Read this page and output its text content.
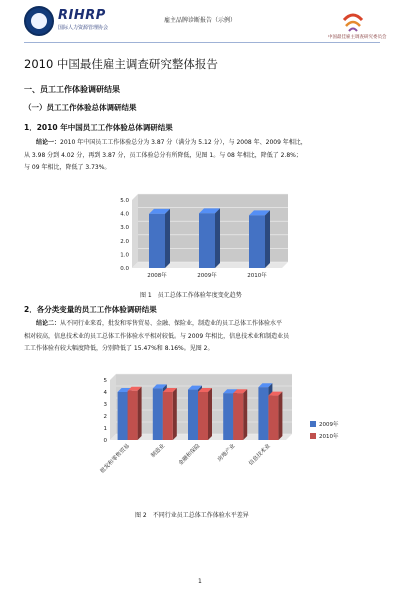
RIHRP
国际人力资源管理协会
雇主品牌诊断报告（示例）
中国最佳雇主调查研究委员会
2010 中国最佳雇主调查研究整体报告
一、员工工作体验调研结果
（一）员工工作体验总体调研结果
1．2010 年中国员工工作体验总体调研结果
结论一：2010 年中国员工工作体验总分为 3.87 分（满分为 5.12 分），与 2008 年、2009 年相比，
从 3.98 分到 4.02 分，再到 3.87 分，员工体验总分有所降低，见图 1。与 08 年相比，降低了 2.8%；
与 09 年相比，降低了 3.73%。
5.0
4.0
3.0
2.0
1.0
0.0
2008年	2009年	2010年
图 1　员工总体工作体验年度变化趋势
2．各分类变量的员工工作体验调研结果
结论二：从不同行业来看，批发和零售贸易、金融、保险业，制造业的员工总体工作体验水平
相对较高，信息技术业的员工总体工作体验水平相对较低。与 2009 年相比，信息技术业和制造业员
工工作体验有较大幅度降低，分别降低了 15.47%和 8.16%。见图 2。
5
4
3
2
1
0
批发和零售贸易	制造业 金融和保险	房地产业 信息技术业
2009年
2010年
图 2　不同行业员工总体工作体验水平差异
1
